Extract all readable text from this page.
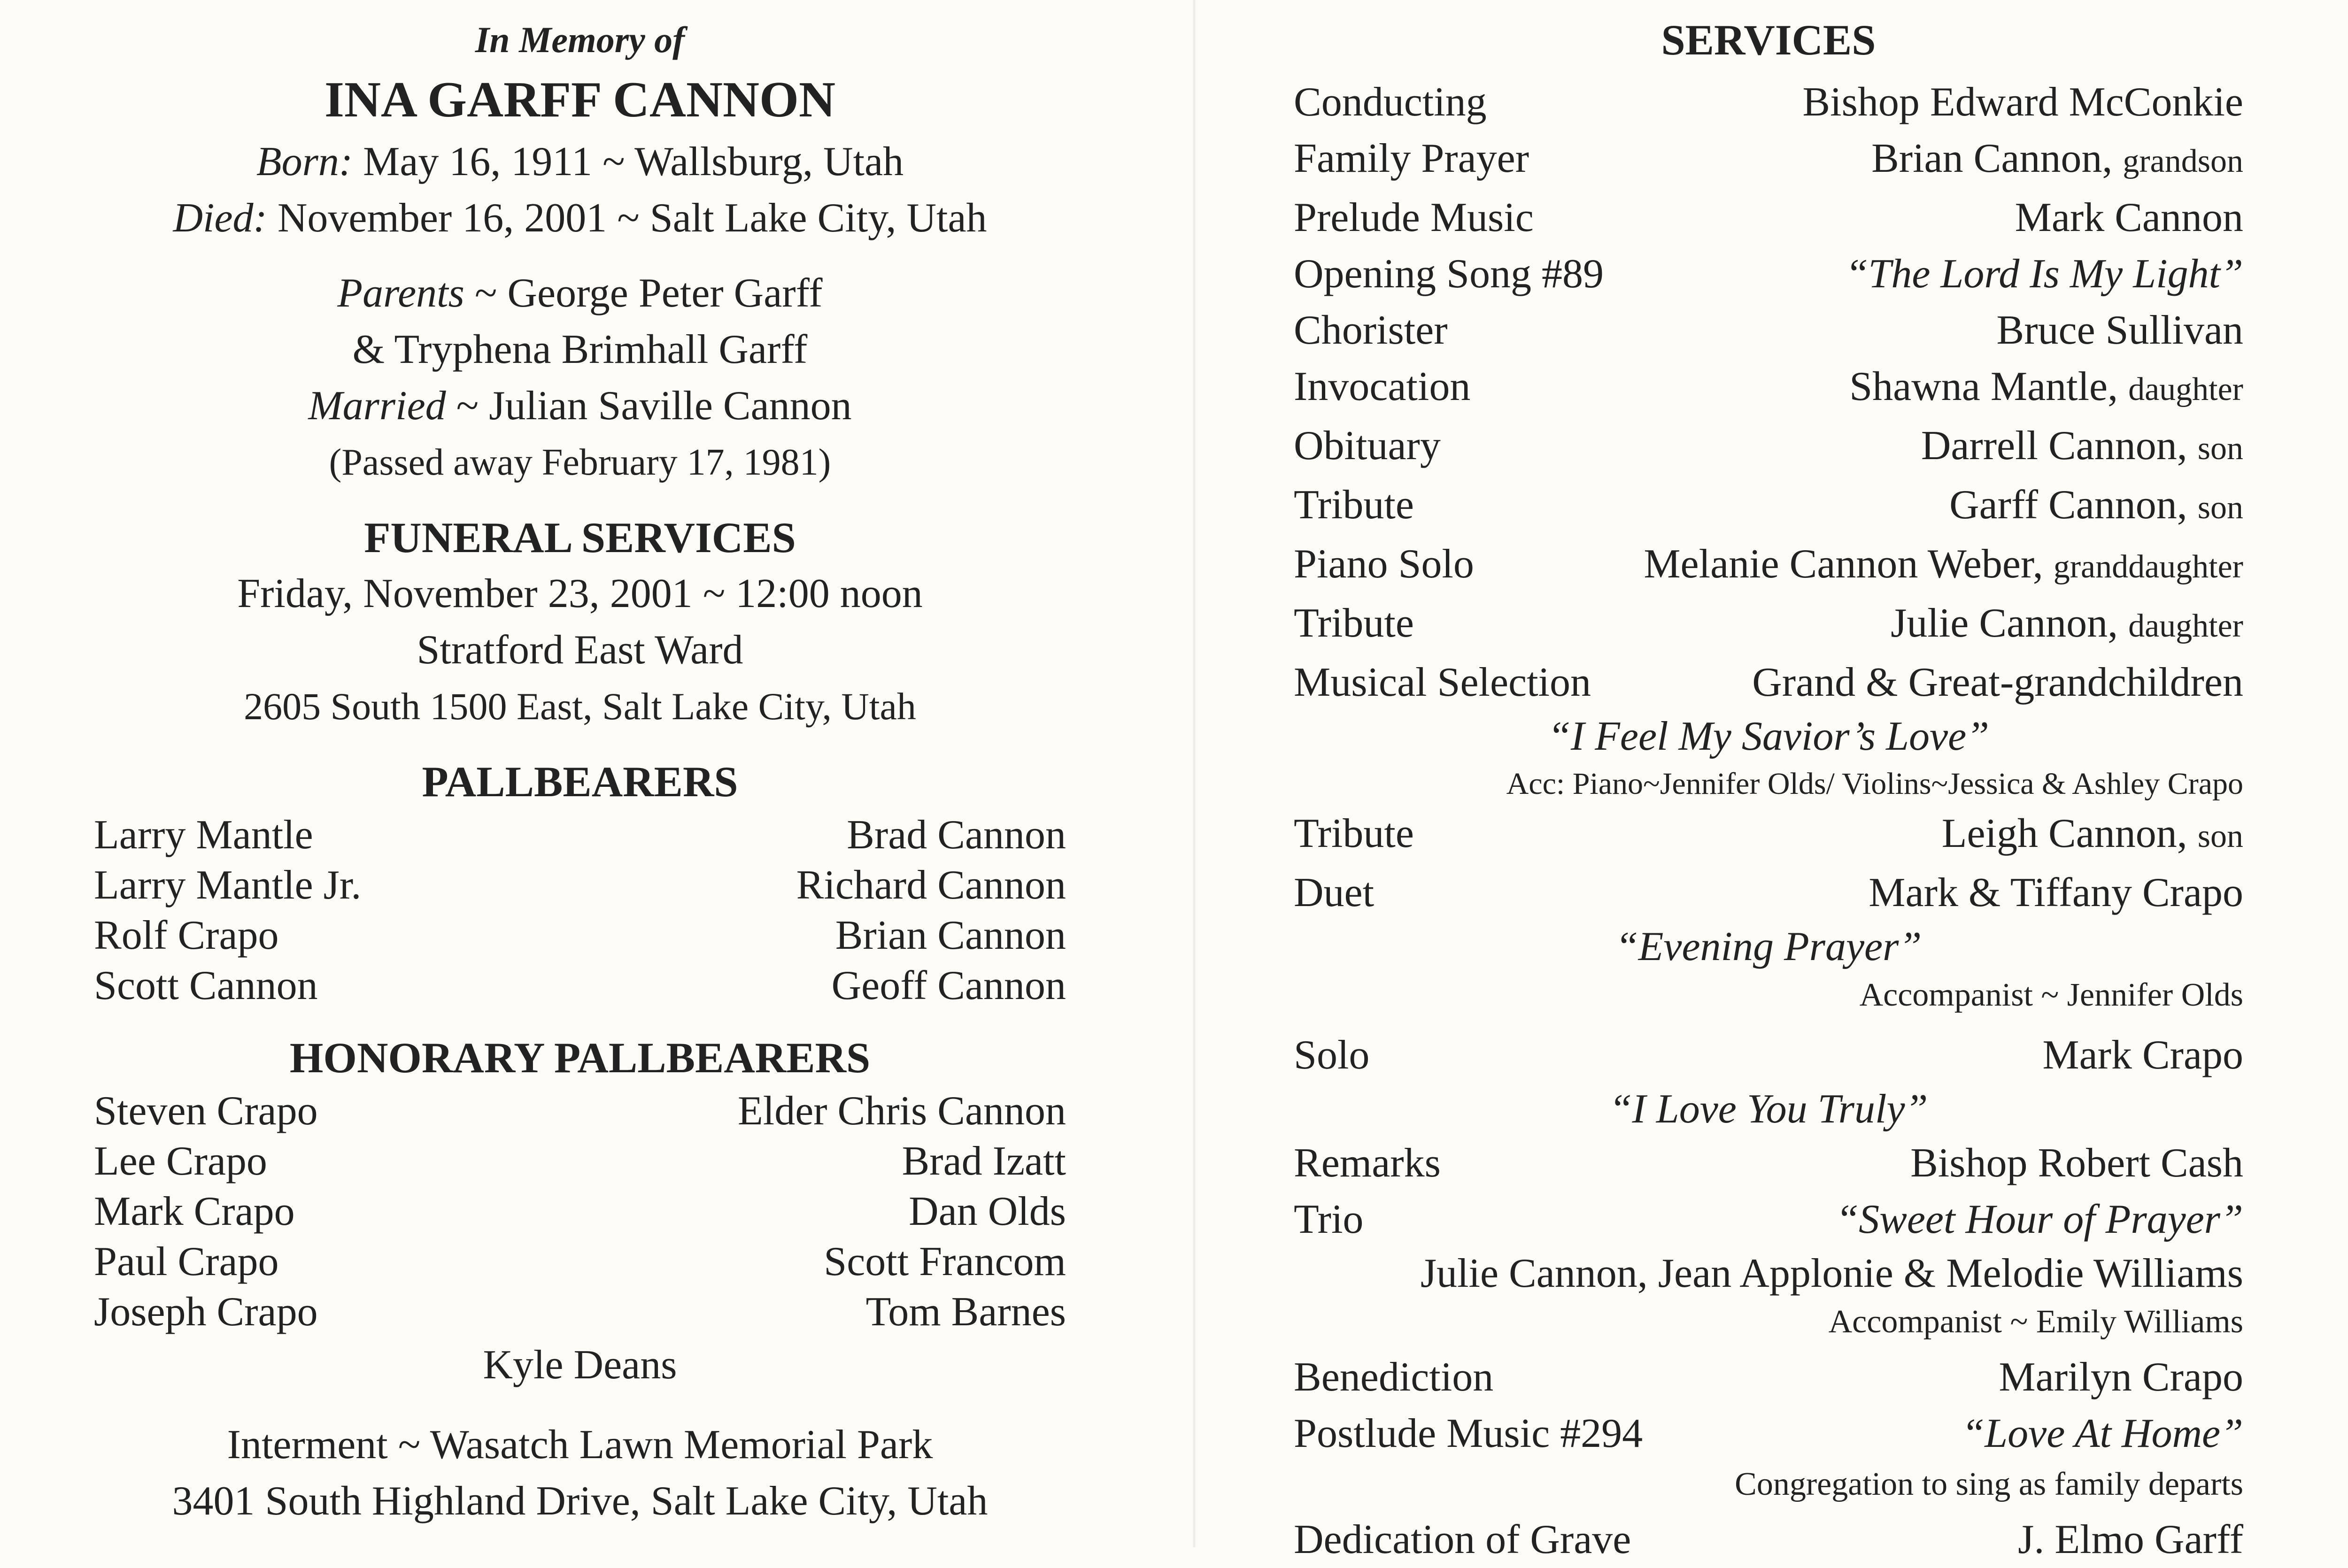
In Memory of
INA GARFF CANNON
Born: May 16, 1911 ~ Wallsburg, Utah
Died: November 16, 2001 ~ Salt Lake City, Utah
Parents ~ George Peter Garff
& Tryphena Brimhall Garff
Married ~ Julian Saville Cannon
(Passed away February 17, 1981)
FUNERAL SERVICES
Friday, November 23, 2001 ~ 12:00 noon
Stratford East Ward
2605 South 1500 East, Salt Lake City, Utah
PALLBEARERS
Larry Mantle	Brad Cannon
Larry Mantle Jr.	Richard Cannon
Rolf Crapo	Brian Cannon
Scott Cannon	Geoff Cannon
HONORARY PALLBEARERS
Steven Crapo	Elder Chris Cannon
Lee Crapo	Brad Izatt
Mark Crapo	Dan Olds
Paul Crapo	Scott Francom
Joseph Crapo	Tom Barnes
Kyle Deans
Interment ~ Wasatch Lawn Memorial Park
3401 South Highland Drive, Salt Lake City, Utah
SERVICES
Conducting	Bishop Edward McConkie
Family Prayer	Brian Cannon, grandson
Prelude Music	Mark Cannon
Opening Song #89	“The Lord Is My Light”
Chorister	Bruce Sullivan
Invocation	Shawna Mantle, daughter
Obituary	Darrell Cannon, son
Tribute	Garff Cannon, son
Piano Solo	Melanie Cannon Weber, granddaughter
Tribute	Julie Cannon, daughter
Musical Selection	Grand & Great-grandchildren
“I Feel My Savior’s Love”
Acc: Piano~Jennifer Olds/ Violins~Jessica & Ashley Crapo
Tribute	Leigh Cannon, son
Duet	Mark & Tiffany Crapo
“Evening Prayer”
Accompanist ~ Jennifer Olds
Solo	Mark Crapo
“I Love You Truly”
Remarks	Bishop Robert Cash
Trio	“Sweet Hour of Prayer”
Julie Cannon, Jean Applonie & Melodie Williams
Accompanist ~ Emily Williams
Benediction	Marilyn Crapo
Postlude Music #294	“Love At Home”
Congregation to sing as family departs
Dedication of Grave	J. Elmo Garff
